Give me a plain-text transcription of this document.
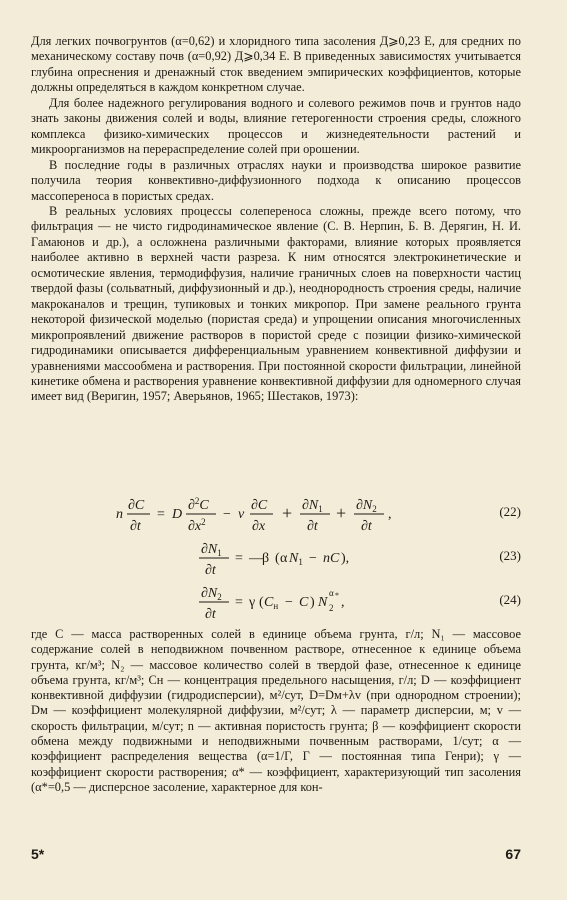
Для легких почвогрунтов (α=0,62) и хлоридного типа засоления Д⩾0,23 E, для средних по механическому составу почв (α=0,92) Д⩾0,34 E. В приведенных зависимостях учитывается глубина опреснения и дренажный сток введением эмпирических коэффициентов, которые должны определяться в каждом конкретном случае.

Для более надежного регулирования водного и солевого режимов почв и грунтов надо знать законы движения солей и воды, влияние гетерогенности строения среды, сложного комплекса физико-химических процессов и жизнедеятельности растений и микроорганизмов на перераспределение солей при орошении.

В последние годы в различных отраслях науки и производства широкое развитие получила теория конвективно-диффузионного подхода к описанию процессов массопереноса в пористых средах.

В реальных условиях процессы солепереноса сложны, прежде всего потому, что фильтрация — не чисто гидродинамическое явление (С. В. Нерпин, Б. В. Дерягин, Н. И. Гамаюнов и др.), а осложнена различными факторами, влияние которых проявляется наиболее активно в верхней части разреза. К ним относятся электрокинетические и осмотические явления, термодиффузия, наличие граничных слоев на поверхности частиц твердой фазы (сольватный, диффузионный и др.), неоднородность строения среды, наличие макроканалов и трещин, тупиковых и тонких микропор. При замене реального грунта некоторой физической моделью (пористая среда) и упрощении описания многочисленных микропроявлений движение растворов в пористой среде с позиции физико-химической гидродинамики описывается дифференциальным уравнением конвективной диффузии и уравнениями массообмена и растворения. При постоянной скорости фильтрации, линейной кинетике обмена и растворения уравнение конвективной диффузии для одномерного случая имеет вид (Веригин, 1957; Аверьянов, 1965; Шестаков, 1973):

n
∂C
∂t
= D
∂$^2$C
$\partial x^2 - v$
∂C
∂x
+ $\partial N_1$
∂t
+ $\partial N_2$
∂t
,	(22)
$\partial N_1$
∂t
= — β ( α $N_1$ − nC ),	(23)
$\partial N_2$
∂t
= γ ( $C_н - C$ ) N 2
α * ,	(24)

где C — масса растворенных солей в единице объема грунта, г/л; N₁ — массовое содержание солей в неподвижном почвенном растворе, отнесенное к единице объема грунта, кг/м³; N₂ — массовое количество солей в твердой фазе, отнесенное к единице объема грунта, кг/м³; Cн — концентрация предельного насыщения, г/л; D — коэффициент конвективной диффузии (гидродисперсии), м²/сут, D=Dм+λv (при однородном строении); Dм — коэффициент молекулярной диффузии, м²/сут; λ — параметр дисперсии, м; v — скорость фильтрации, м/сут; n — активная пористость грунта; β — коэффициент скорости обмена между подвижными и неподвижными почвенным растворами, 1/сут; α — коэффициент распределения вещества (α=1/Г, Г — постоянная типа Генри); γ — коэффициент скорости растворения; α* — коэффициент, характеризующий тип засоления (α*=0,5 — дисперсное засоление, характерное для кон-

5*	67
